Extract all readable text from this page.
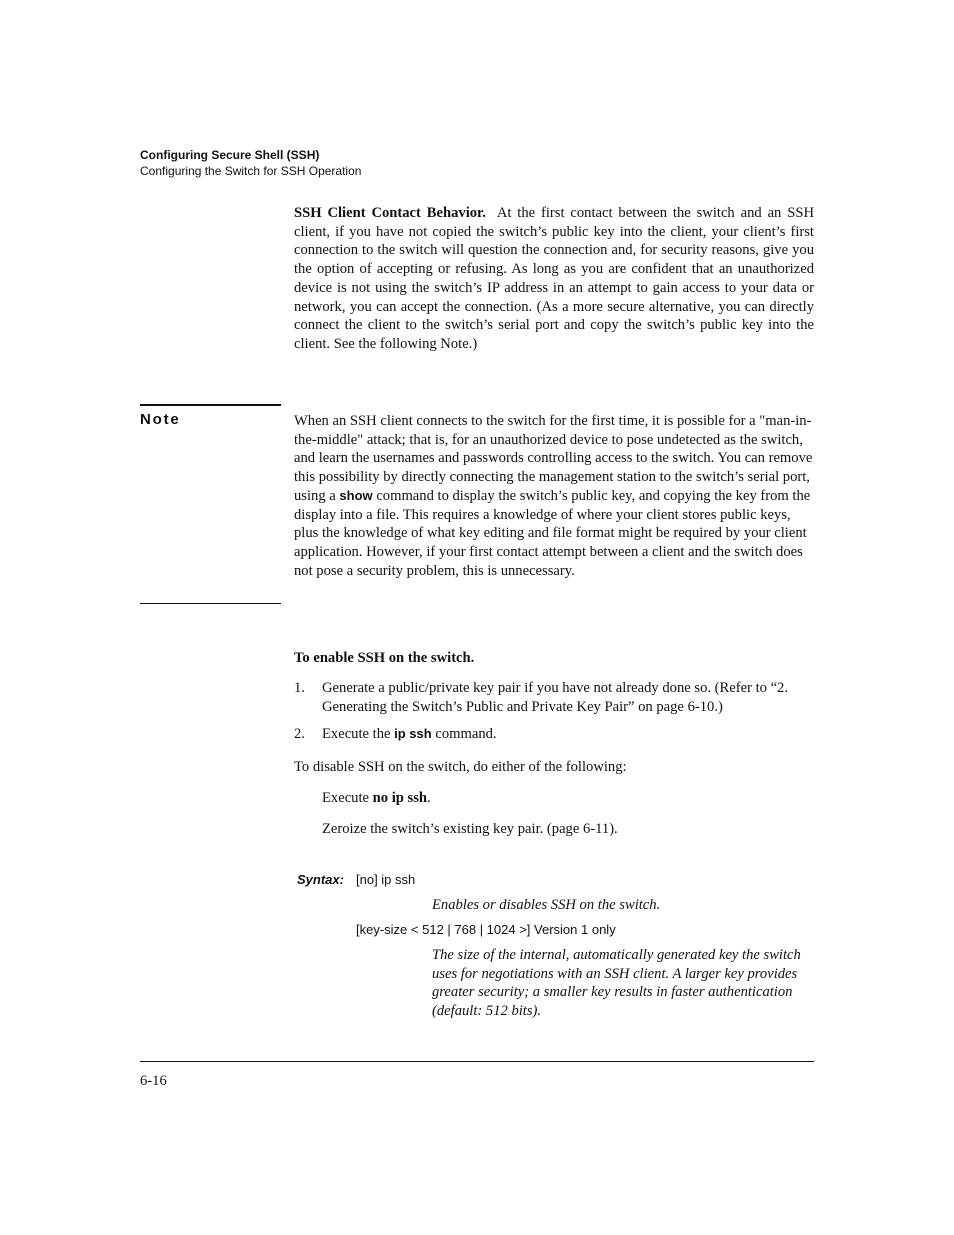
Configuring Secure Shell (SSH)
Configuring the Switch for SSH Operation
SSH Client Contact Behavior. At the first contact between the switch and an SSH client, if you have not copied the switch’s public key into the client, your client’s first connection to the switch will question the connection and, for security reasons, give you the option of accepting or refusing. As long as you are confident that an unauthorized device is not using the switch’s IP address in an attempt to gain access to your data or network, you can accept the connection. (As a more secure alternative, you can directly connect the client to the switch’s serial port and copy the switch’s public key into the client. See the following Note.)
Note	When an SSH client connects to the switch for the first time, it is possible for a "man-in-the-middle" attack; that is, for an unauthorized device to pose undetected as the switch, and learn the usernames and passwords controlling access to the switch. You can remove this possibility by directly connecting the management station to the switch’s serial port, using a show command to display the switch’s public key, and copying the key from the display into a file. This requires a knowledge of where your client stores public keys, plus the knowledge of what key editing and file format might be required by your client application. However, if your first contact attempt between a client and the switch does not pose a security problem, this is unnecessary.
To enable SSH on the switch.
1. Generate a public/private key pair if you have not already done so. (Refer to “2. Generating the Switch’s Public and Private Key Pair” on page 6-10.)
2. Execute the ip ssh command.
To disable SSH on the switch, do either of the following:
Execute no ip ssh.
Zeroize the switch’s existing key pair. (page 6-11).
Syntax: [no] ip ssh
Enables or disables SSH on the switch.
[key-size < 512 | 768 | 1024 >] Version 1 only
The size of the internal, automatically generated key the switch uses for negotiations with an SSH client. A larger key provides greater security; a smaller key results in faster authentication (default: 512 bits).
6-16
